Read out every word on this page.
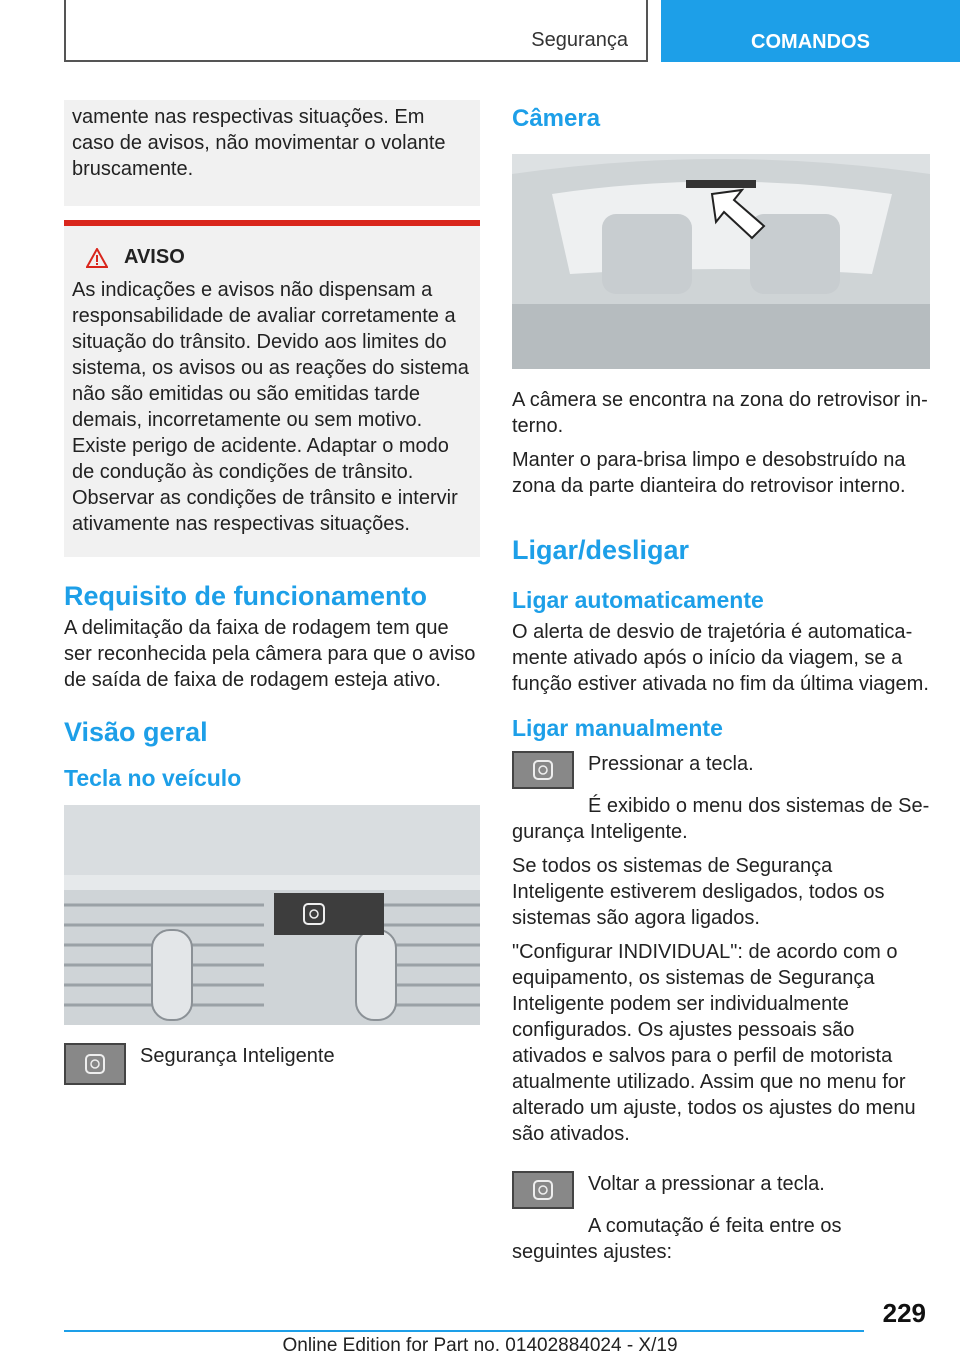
Segurança	COMANDOS

vamente nas respectivas situações. Em caso de avisos, não movimentar o volante bruscamente.

AVISO

As indicações e avisos não dispensam a responsabilidade de avaliar corretamente a situação do trânsito. Devido aos limites do sistema, os avisos ou as reações do sistema não são emitidas ou são emitidas tarde demais, incorretamente ou sem motivo. Existe perigo de acidente. Adaptar o modo de condução às condições de trânsito. Observar as condições de trânsito e intervir ativamente nas respectivas situações.

Requisito de funcionamento

A delimitação da faixa de rodagem tem que ser reconhecida pela câmera para que o aviso de saída de faixa de rodagem esteja ativo.

Visão geral
Tecla no veículo
Segurança Inteligente
Câmera

A câmera se encontra na zona do retrovisor interno.

Manter o para-brisa limpo e desobstruído na zona da parte dianteira do retrovisor interno.

Ligar/desligar
Ligar automaticamente

O alerta de desvio de trajetória é automaticamente ativado após o início da viagem, se a função estiver ativada no fim da última viagem.

Ligar manualmente

Pressionar a tecla.

É exibido o menu dos sistemas de Segurança Inteligente.

Se todos os sistemas de Segurança Inteligente estiverem desligados, todos os sistemas são agora ligados.

"Configurar INDIVIDUAL": de acordo com o equipamento, os sistemas de Segurança Inteligente podem ser individualmente configurados. Os ajustes pessoais são ativados e salvos para o perfil de motorista atualmente utilizado. Assim que no menu for alterado um ajuste, todos os ajustes do menu são ativados.

Voltar a pressionar a tecla.

A comutação é feita entre os seguintes ajustes:

229
Online Edition for Part no. 01402884024 - X/19
